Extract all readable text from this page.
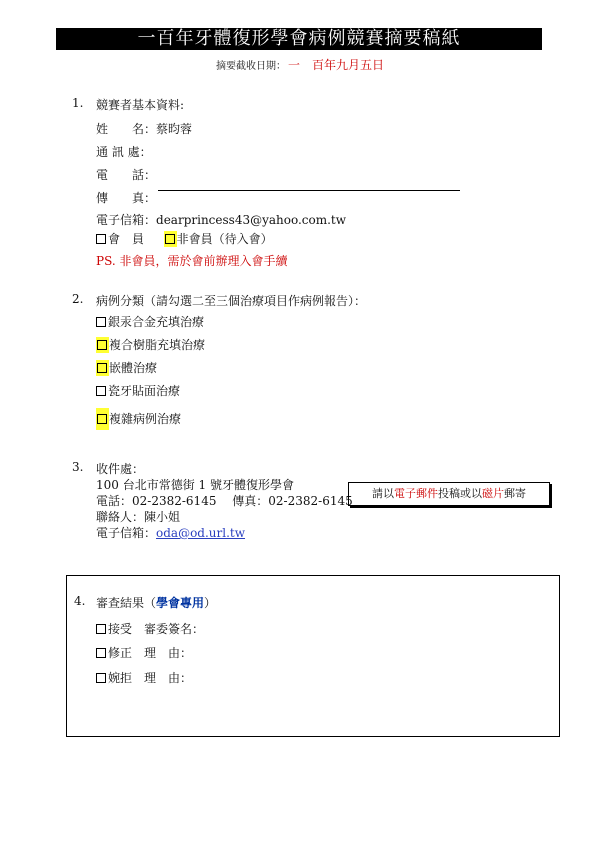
一百年牙體復形學會病例競賽摘要稿紙
摘要截收日期： 一　百年九月五日
1. 競賽者基本資料:
姓 名：蔡昀蓉
通 訊 處：
電 話：
傳 真：
電子信箱：dearprincess43@yahoo.com.tw
會　員	非會員（待入會）
PS. 非會員，需於會前辦理入會手續
2. 病例分類（請勾選二至三個治療項目作病例報告）：
銀汞合金充填治療
複合樹脂充填治療
嵌體治療
瓷牙貼面治療
複雜病例治療
3. 收件處：
100 台北市常德街 1 號牙體復形學會
電話：02-2382-6145　 傳真：02-2382-6145
聯絡人：陳小姐
電子信箱：oda@od.url.tw
請以電子郵件投稿或以磁片郵寄
4. 審查結果（學會專用）
接受　審委簽名：
修正　理 由：
婉拒　理 由：
